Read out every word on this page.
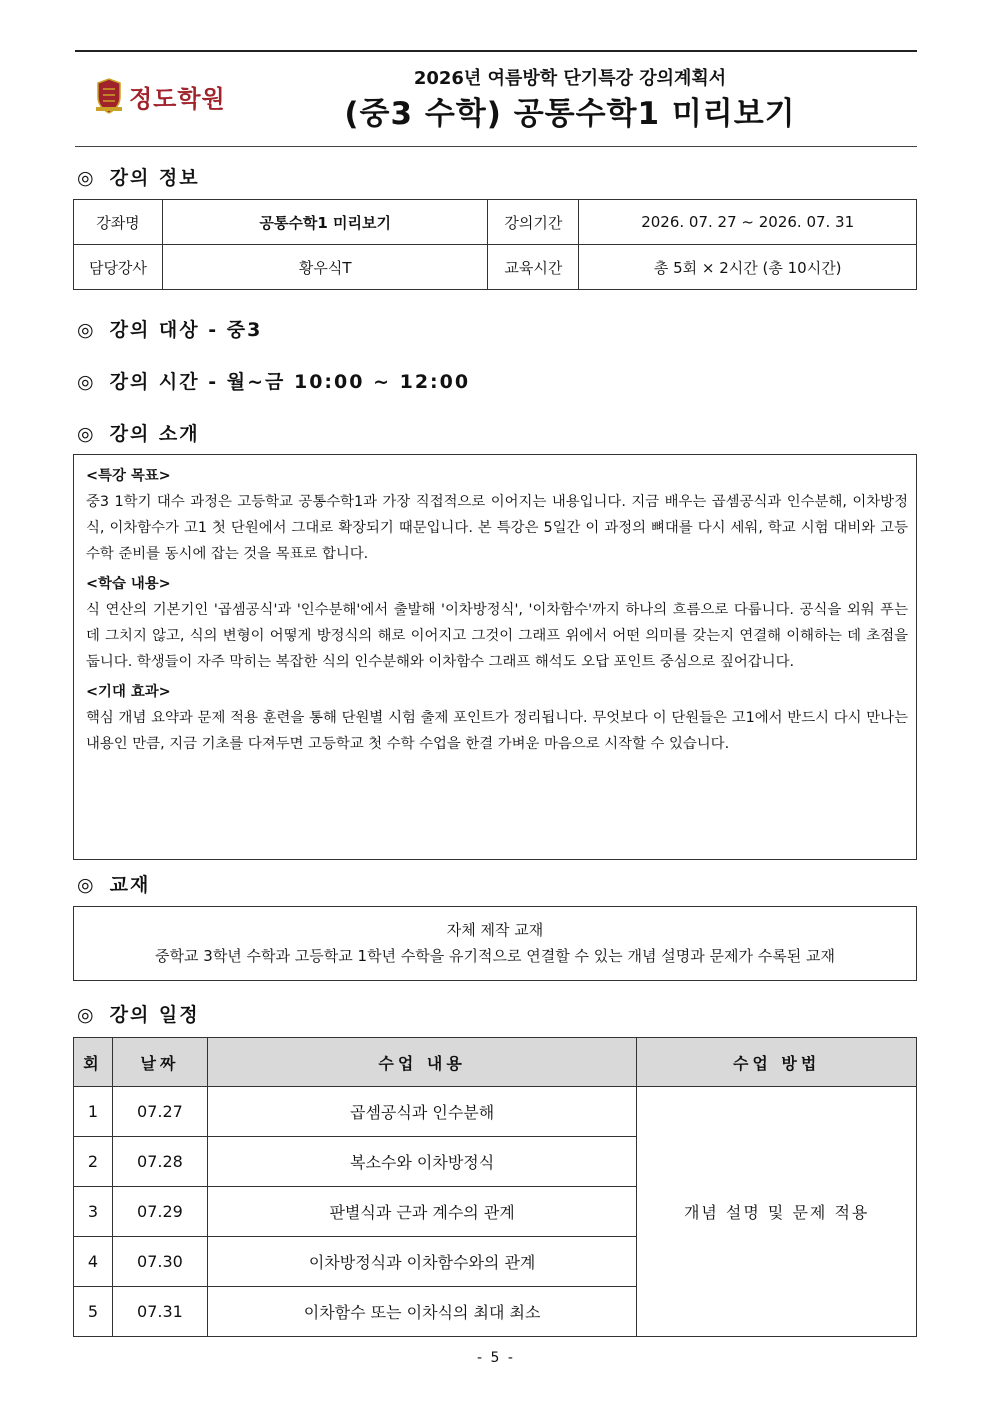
정도학원
2026년 여름방학 단기특강 강의계획서
(중3 수학) 공통수학1 미리보기
◎ 강의 정보
강좌명	공통수학1 미리보기	강의기간	2026. 07. 27 ~ 2026. 07. 31
담당강사	황우식T	교육시간	총 5회 × 2시간 (총 10시간)
◎ 강의 대상 - 중3
◎ 강의 시간 - 월~금 10:00 ~ 12:00
◎ 강의 소개
<특강 목표>

중3 1학기 대수 과정은 고등학교 공통수학1과 가장 직접적으로 이어지는 내용입니다. 지금 배우는 곱셈공식과 인수분해, 이차방정식, 이차함수가 고1 첫 단원에서 그대로 확장되기 때문입니다. 본 특강은 5일간 이 과정의 뼈대를 다시 세워, 학교 시험 대비와 고등 수학 준비를 동시에 잡는 것을 목표로 합니다.

<학습 내용>

식 연산의 기본기인 '곱셈공식'과 '인수분해'에서 출발해 '이차방정식', '이차함수'까지 하나의 흐름으로 다룹니다. 공식을 외워 푸는 데 그치지 않고, 식의 변형이 어떻게 방정식의 해로 이어지고 그것이 그래프 위에서 어떤 의미를 갖는지 연결해 이해하는 데 초점을 둡니다. 학생들이 자주 막히는 복잡한 식의 인수분해와 이차함수 그래프 해석도 오답 포인트 중심으로 짚어갑니다.

<기대 효과>

핵심 개념 요약과 문제 적용 훈련을 통해 단원별 시험 출제 포인트가 정리됩니다. 무엇보다 이 단원들은 고1에서 반드시 다시 만나는 내용인 만큼, 지금 기초를 다져두면 고등학교 첫 수학 수업을 한결 가벼운 마음으로 시작할 수 있습니다.

◎ 교재
자체 제작 교재
중학교 3학년 수학과 고등학교 1학년 수학을 유기적으로 연결할 수 있는 개념 설명과 문제가 수록된 교재
◎ 강의 일정
회	날짜	수업 내용	수업 방법
1	07.27	곱셈공식과 인수분해	개념 설명 및 문제 적용
2	07.28	복소수와 이차방정식	
3	07.29	판별식과 근과 계수의 관계	
4	07.30	이차방정식과 이차함수와의 관계	
5	07.31	이차함수 또는 이차식의 최대 최소	
- 5 -
